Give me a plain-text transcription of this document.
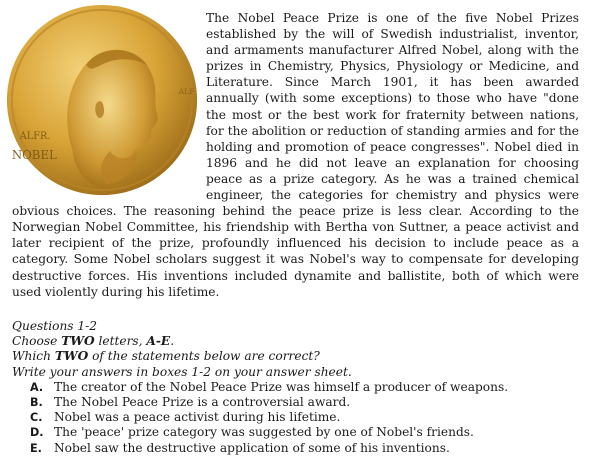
ALFR.
NOBEL
ALF

The Nobel Peace Prize is one of the five Nobel Prizes established by the will of Swedish industrialist, inventor, and armaments manufacturer Alfred Nobel, along with the prizes in Chemistry, Physics, Physiology or Medicine, and Literature. Since March 1901, it has been awarded annually (with some exceptions) to those who have "done the most or the best work for fraternity between nations, for the abolition or reduction of standing armies and for the holding and promotion of peace congresses". Nobel died in 1896 and he did not leave an explanation for choosing peace as a prize category. As he was a trained chemical engineer, the categories for chemistry and physics were obvious choices. The reasoning behind the peace prize is less clear. According to the Norwegian Nobel Committee, his friendship with Bertha von Suttner, a peace activist and later recipient of the prize, profoundly influenced his decision to include peace as a category. Some Nobel scholars suggest it was Nobel's way to compensate for developing destructive forces. His inventions included dynamite and ballistite, both of which were used violently during his lifetime.

Questions 1-2
Choose TWO letters, A-E.
Which TWO of the statements below are correct?
Write your answers in boxes 1-2 on your answer sheet.
A. The creator of the Nobel Peace Prize was himself a producer of weapons.
B. The Nobel Peace Prize is a controversial award.
C. Nobel was a peace activist during his lifetime.
D. The 'peace' prize category was suggested by one of Nobel's friends.
E. Nobel saw the destructive application of some of his inventions.
